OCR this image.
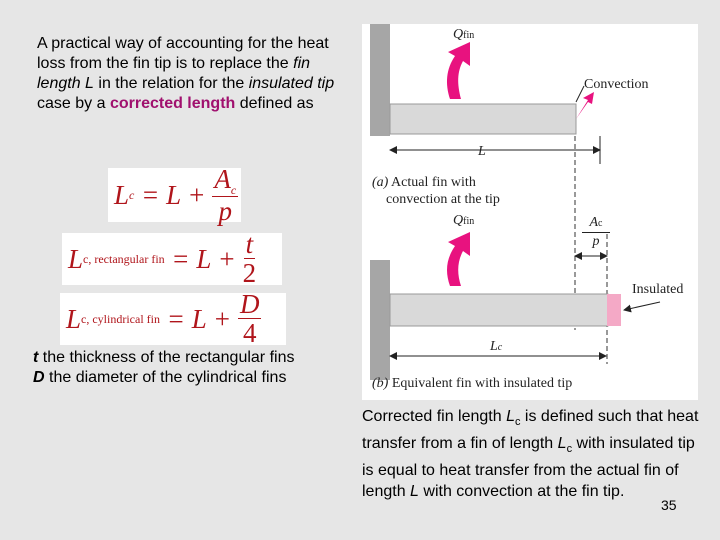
A practical way of accounting for the heat loss from the fin tip is to replace the fin length L in the relation for the insulated tip case by a corrected length defined as
L c
= L +
$\frac{A_c}{p}$
L c, rectangular fin
= L +
$\frac{t}{2}$
L c, cylindrical fin
= L +
$\frac{D}{4}$
t the thickness of the rectangular fins
D the diameter of the cylindrical fins
Qfin
Convection
L
(a) Actual fin with
convection at the tip
Ac
p
Qfin
Insulated
Lc
(b) Equivalent fin with insulated tip
Corrected fin length $L_c$ is defined such that heat transfer from a fin of length $L_c$ with insulated tip is equal to heat transfer from the actual fin of length L with convection at the fin tip.
35
